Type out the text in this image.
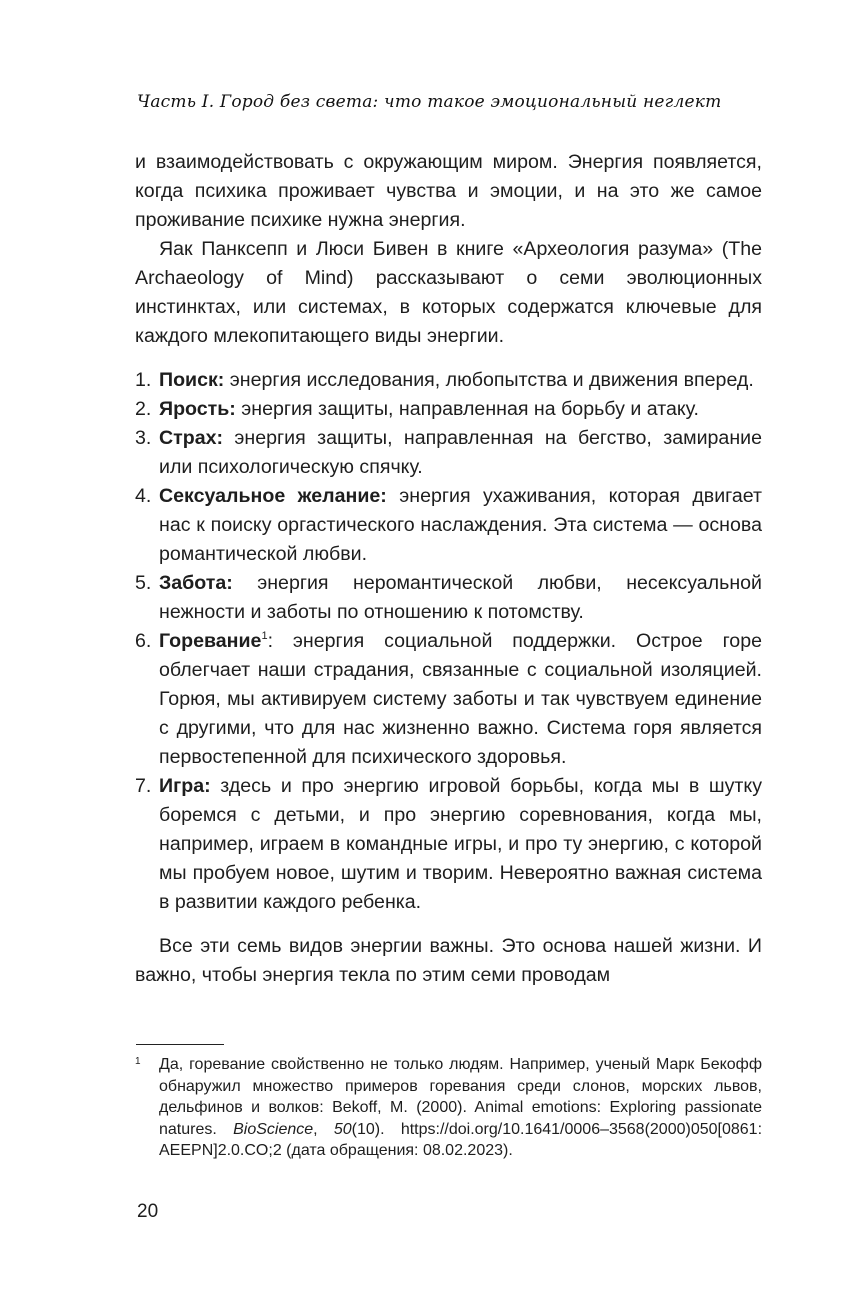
Часть I. Город без света: что такое эмоциональный неглект

и взаимодействовать с окружающим миром. Энергия появляется, когда психика проживает чувства и эмоции, и на это же самое проживание психике нужна энергия.

Яак Панксепп и Люси Бивен в книге «Археология разума» (The Archaeology of Mind) рассказывают о семи эволюционных инстинктах, или системах, в которых содержатся ключевые для каждого млекопитающего виды энергии.

1. Поиск: энергия исследования, любопытства и движения вперед.
2. Ярость: энергия защиты, направленная на борьбу и атаку.
3. Страх: энергия защиты, направленная на бегство, замирание или психологическую спячку.
4. Сексуальное желание: энергия ухаживания, которая двигает нас к поиску оргастического наслаждения. Эта система — основа романтической любви.
5. Забота: энергия неромантической любви, несексуальной нежности и заботы по отношению к потомству.
6. Горевание$^1$: энергия социальной поддержки. Острое горе облегчает наши страдания, связанные с социальной изоляцией. Горюя, мы активируем систему заботы и так чувствуем единение с другими, что для нас жизненно важно. Система горя является первостепенной для психического здоровья.
7. Игра: здесь и про энергию игровой борьбы, когда мы в шутку боремся с детьми, и про энергию соревнования, когда мы, например, играем в командные игры, и про ту энергию, с которой мы пробуем новое, шутим и творим. Невероятно важная система в развитии каждого ребенка.

Все эти семь видов энергии важны. Это основа нашей жизни. И важно, чтобы энергия текла по этим семи проводам

1 Да, горевание свойственно не только людям. Например, ученый Марк Бекофф обнаружил множество примеров горевания среди слонов, морских львов, дельфинов и волков: Bekoff, M. (2000). Animal emotions: Exploring passionate natures. BioScience, 50(10). https://doi.org/10.1641/0006–3568(2000)050[0861: AEEPN]2.0.CO;2 (дата обращения: 08.02.2023).
20
